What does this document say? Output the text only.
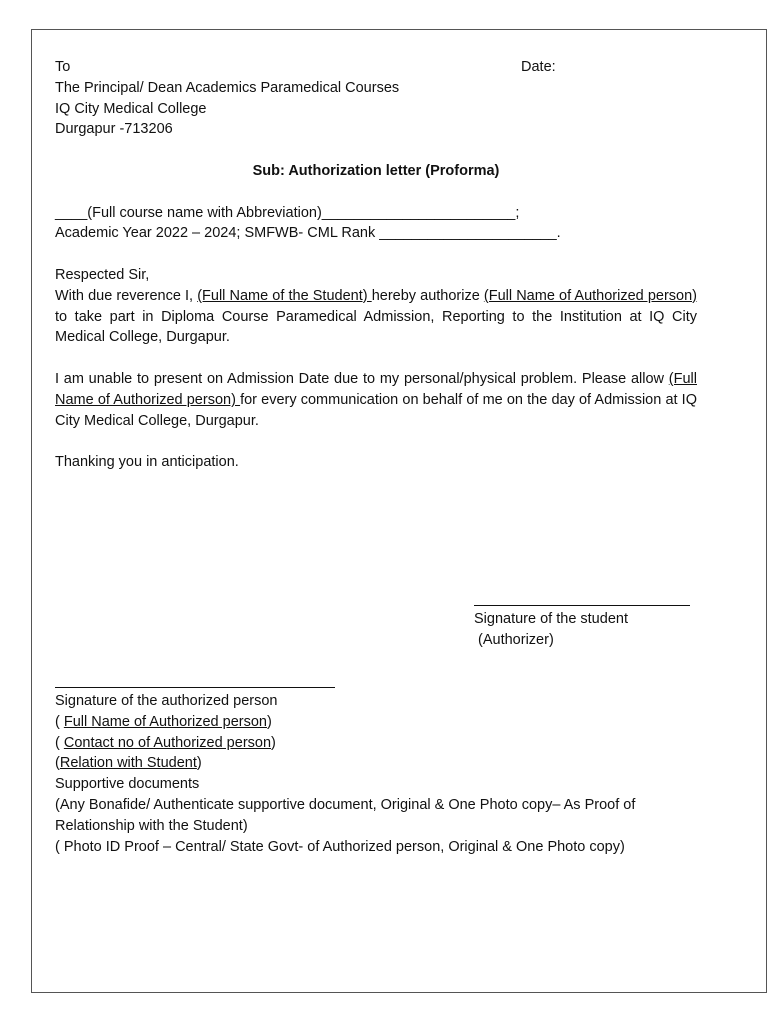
Date:
To
The Principal/ Dean Academics Paramedical Courses
IQ City Medical College
Durgapur -713206
Sub: Authorization letter (Proforma)
____(Full course name with Abbreviation)________________________;
Academic Year 2022 – 2024; SMFWB- CML Rank ______________________.
Respected Sir,
With due reverence I, (Full Name of the Student) hereby authorize (Full Name of Authorized person) to take part in Diploma Course Paramedical Admission, Reporting to the Institution at IQ City Medical College, Durgapur.
I am unable to present on Admission Date due to my personal/physical problem. Please allow (Full Name of Authorized person) for every communication on behalf of me on the day of Admission at IQ City Medical College, Durgapur.
Thanking you in anticipation.
Signature of the student
(Authorizer)
Signature of the authorized person
( Full Name of Authorized person)
( Contact no of Authorized person)
(Relation with Student)
Supportive documents
(Any Bonafide/ Authenticate supportive document, Original & One Photo copy– As Proof of Relationship with the Student)
( Photo ID Proof – Central/ State Govt- of Authorized person, Original & One Photo copy)
